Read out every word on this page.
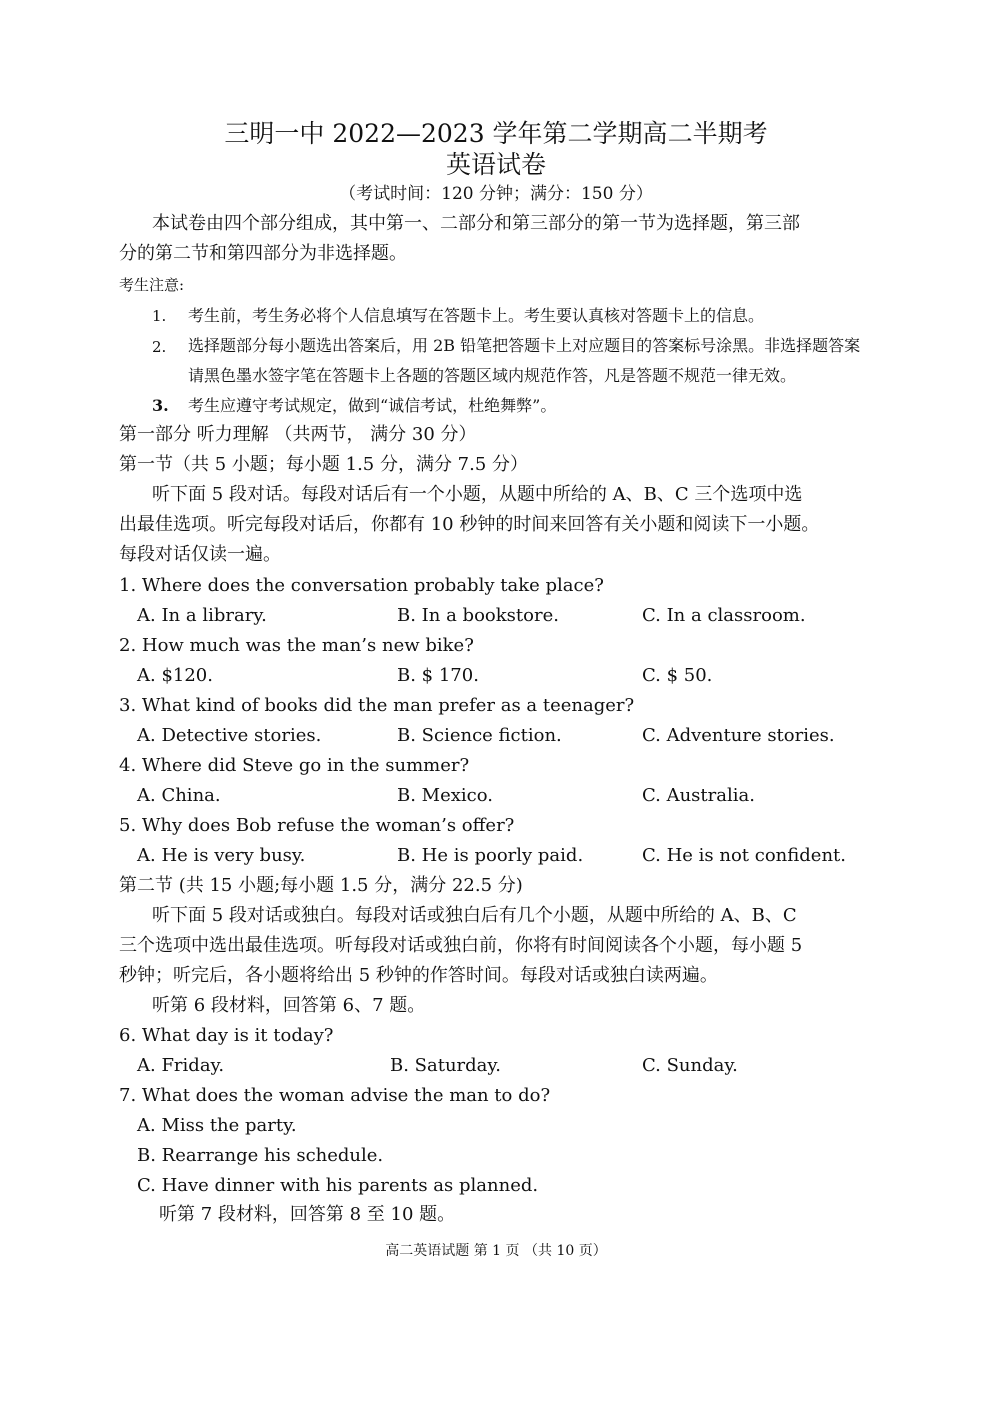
三明一中 2022—2023 学年第二学期高二半期考
英语试卷
（考试时间：120 分钟；满分：150 分）
本试卷由四个部分组成，其中第一、二部分和第三部分的第一节为选择题，第三部
分的第二节和第四部分为非选择题。
考生注意:
1. 考生前，考生务必将个人信息填写在答题卡上。考生要认真核对答题卡上的信息。
2. 选择题部分每小题选出答案后，用 2B 铅笔把答题卡上对应题目的答案标号涂黑。非选择题答案
请黑色墨水签字笔在答题卡上各题的答题区域内规范作答，凡是答题不规范一律无效。
3. 考生应遵守考试规定，做到“诚信考试，杜绝舞弊”。
第一部分 听力理解 （共两节， 满分 30 分）
第一节（共 5 小题；每小题 1.5 分，满分 7.5 分）
听下面 5 段对话。每段对话后有一个小题，从题中所给的 A、B、C 三个选项中选
出最佳选项。听完每段对话后，你都有 10 秒钟的时间来回答有关小题和阅读下一小题。
每段对话仅读一遍。
1. Where does the conversation probably take place?
A. In a library.	B. In a bookstore.	C. In a classroom.
2. How much was the man’s new bike?
A. $120.	B. $ 170.	C. $ 50.
3. What kind of books did the man prefer as a teenager?
A. Detective stories.	B. Science fiction.	C. Adventure stories.
4. Where did Steve go in the summer?
A. China.	B. Mexico.	C. Australia.
5. Why does Bob refuse the woman’s offer?
A. He is very busy.	B. He is poorly paid.	C. He is not confident.
第二节 (共 15 小题;每小题 1.5 分，满分 22.5 分)
听下面 5 段对话或独白。每段对话或独白后有几个小题，从题中所给的 A、B、C
三个选项中选出最佳选项。听每段对话或独白前，你将有时间阅读各个小题，每小题 5
秒钟；听完后，各小题将给出 5 秒钟的作答时间。每段对话或独白读两遍。
听第 6 段材料，回答第 6、7 题。
6. What day is it today?
A. Friday.	B. Saturday.	C. Sunday.
7. What does the woman advise the man to do?
A. Miss the party.
B. Rearrange his schedule.
C. Have dinner with his parents as planned.
听第 7 段材料，回答第 8 至 10 题。
高二英语试题 第 1 页 （共 10 页）
